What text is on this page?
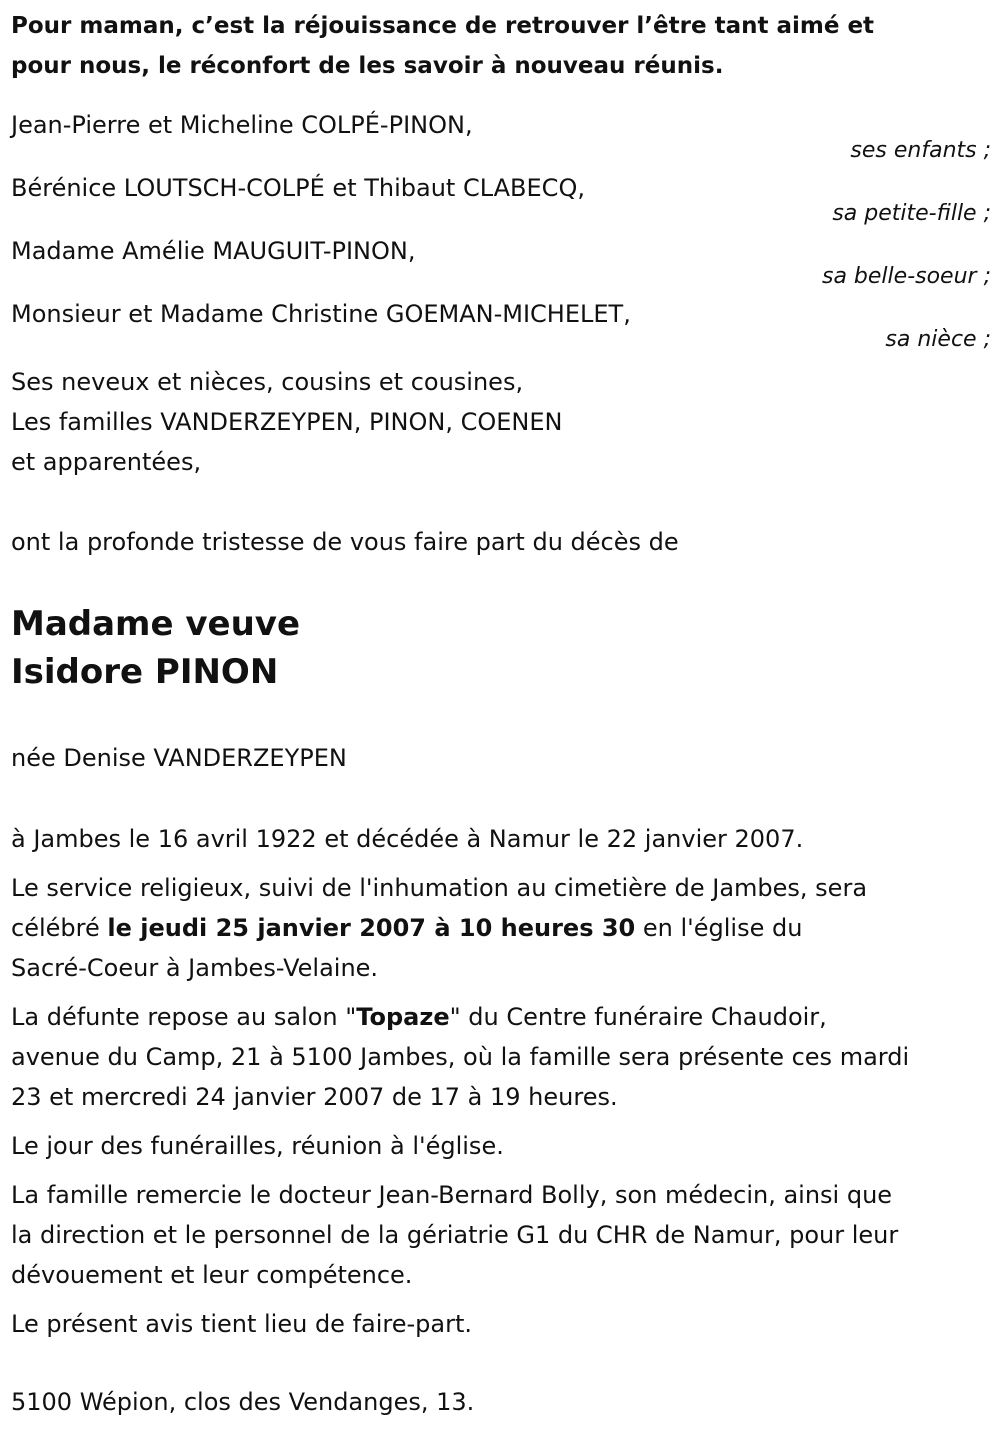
Pour maman, c’est la réjouissance de retrouver l’être tant aimé et

pour nous, le réconfort de les savoir à nouveau réunis.

Jean-Pierre et Micheline COLPÉ-PINON,
ses enfants ;
Bérénice LOUTSCH-COLPÉ et Thibaut CLABECQ,
sa petite-fille ;
Madame Amélie MAUGUIT-PINON,
sa belle-soeur ;
Monsieur et Madame Christine GOEMAN-MICHELET,
sa nièce ;

Ses neveux et nièces, cousins et cousines,

Les familles VANDERZEYPEN, PINON, COENEN

et apparentées,

ont la profonde tristesse de vous faire part du décès de

Madame veuve

Isidore PINON

née Denise VANDERZEYPEN

à Jambes le 16 avril 1922 et décédée à Namur le 22 janvier 2007.

Le service religieux, suivi de l'inhumation au cimetière de Jambes, sera
célébré le jeudi 25 janvier 2007 à 10 heures 30 en l'église du
Sacré-Coeur à Jambes-Velaine.

La défunte repose au salon "Topaze" du Centre funéraire Chaudoir,
avenue du Camp, 21 à 5100 Jambes, où la famille sera présente ces mardi
23 et mercredi 24 janvier 2007 de 17 à 19 heures.

Le jour des funérailles, réunion à l'église.

La famille remercie le docteur Jean-Bernard Bolly, son médecin, ainsi que
la direction et le personnel de la gériatrie G1 du CHR de Namur, pour leur
dévouement et leur compétence.

Le présent avis tient lieu de faire-part.

5100 Wépion, clos des Vendanges, 13.
